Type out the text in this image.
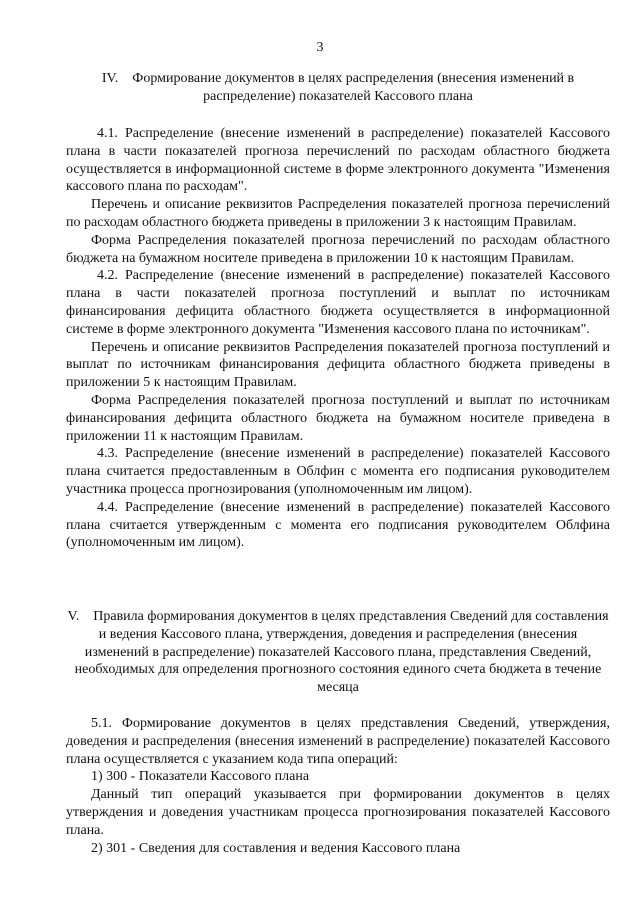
3
IV. Формирование документов в целях распределения (внесения изменений в распределение) показателей Кассового плана

4.1. Распределение (внесение изменений в распределение) показателей Кассового плана в части показателей прогноза перечислений по расходам областного бюджета осуществляется в информационной системе в форме электронного документа "Изменения кассового плана по расходам".

Перечень и описание реквизитов Распределения показателей прогноза перечислений по расходам областного бюджета приведены в приложении 3 к настоящим Правилам.

Форма Распределения показателей прогноза перечислений по расходам областного бюджета на бумажном носителе приведена в приложении 10 к настоящим Правилам.

4.2. Распределение (внесение изменений в распределение) показателей Кассового плана в части показателей прогноза поступлений и выплат по источникам финансирования дефицита областного бюджета осуществляется в информационной системе в форме электронного документа "Изменения кассового плана по источникам".

Перечень и описание реквизитов Распределения показателей прогноза поступлений и выплат по источникам финансирования дефицита областного бюджета приведены в приложении 5 к настоящим Правилам.

Форма Распределения показателей прогноза поступлений и выплат по источникам финансирования дефицита областного бюджета на бумажном носителе приведена в приложении 11 к настоящим Правилам.

4.3. Распределение (внесение изменений в распределение) показателей Кассового плана считается предоставленным в Облфин с момента его подписания руководителем участника процесса прогнозирования (уполномоченным им лицом).

4.4. Распределение (внесение изменений в распределение) показателей Кассового плана считается утвержденным с момента его подписания руководителем Облфина (уполномоченным им лицом).

V. Правила формирования документов в целях представления Сведений для составления и ведения Кассового плана, утверждения, доведения и распределения (внесения изменений в распределение) показателей Кассового плана, представления Сведений, необходимых для определения прогнозного состояния единого счета бюджета в течение месяца

5.1. Формирование документов в целях представления Сведений, утверждения, доведения и распределения (внесения изменений в распределение) показателей Кассового плана осуществляется с указанием кода типа операций:

1) 300 - Показатели Кассового плана

Данный тип операций указывается при формировании документов в целях утверждения и доведения участникам процесса прогнозирования показателей Кассового плана.

2) 301 - Сведения для составления и ведения Кассового плана
